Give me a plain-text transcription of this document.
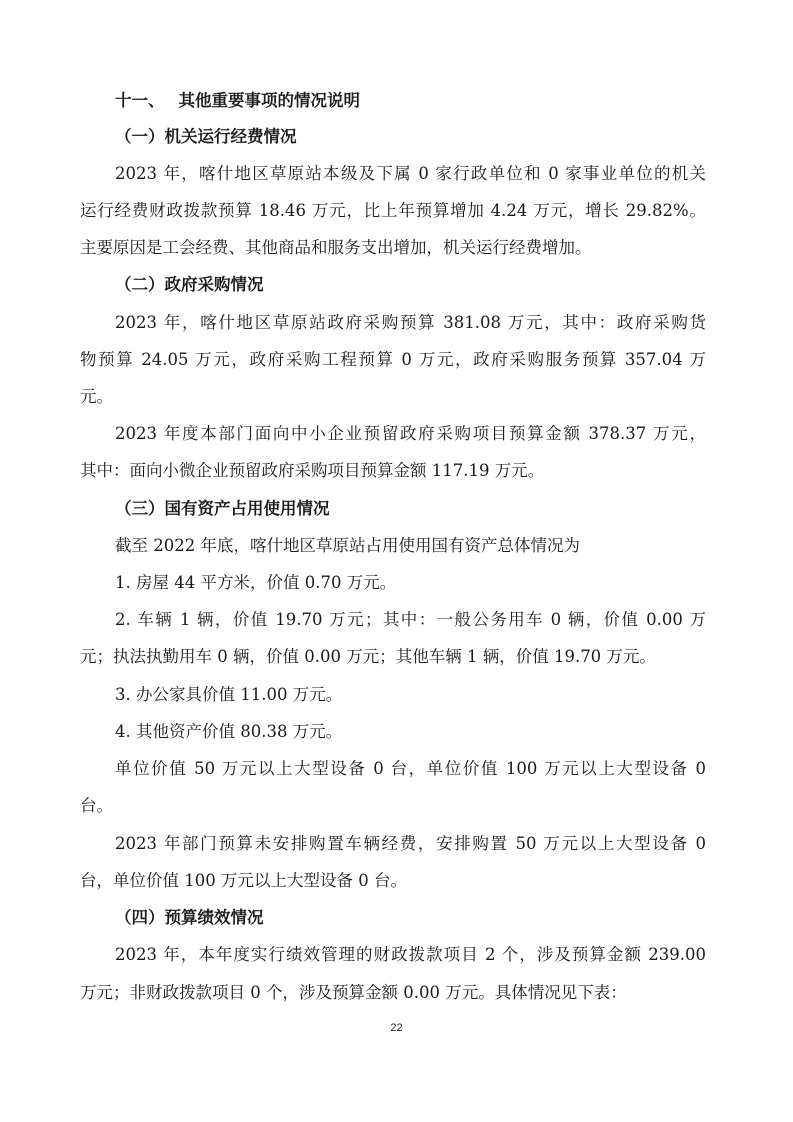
十一、　 其他重要事项的情况说明
（一）机关运行经费情况
2023 年，喀什地区草原站本级及下属 0 家行政单位和 0 家事业单位的机关
运行经费财政拨款预算 18.46 万元，比上年预算增加 4.24 万元，增长 29.82%。
主要原因是工会经费、其他商品和服务支出增加，机关运行经费增加。
（二）政府采购情况
2023 年，喀什地区草原站政府采购预算 381.08 万元，其中：政府采购货
物预算 24.05 万元，政府采购工程预算 0 万元，政府采购服务预算 357.04 万
元。
2023 年度本部门面向中小企业预留政府采购项目预算金额 378.37 万元，
其中：面向小微企业预留政府采购项目预算金额 117.19 万元。
（三）国有资产占用使用情况
截至 2022 年底，喀什地区草原站占用使用国有资产总体情况为
1. 房屋 44 平方米，价值 0.70 万元。
2. 车辆 1 辆，价值 19.70 万元；其中：一般公务用车 0 辆，价值 0.00 万
元；执法执勤用车 0 辆，价值 0.00 万元；其他车辆 1 辆，价值 19.70 万元。
3. 办公家具价值 11.00 万元。
4. 其他资产价值 80.38 万元。
单位价值 50 万元以上大型设备 0 台，单位价值 100 万元以上大型设备 0
台。
2023 年部门预算未安排购置车辆经费，安排购置 50 万元以上大型设备 0
台，单位价值 100 万元以上大型设备 0 台。
（四）预算绩效情况
2023 年，本年度实行绩效管理的财政拨款项目 2 个，涉及预算金额 239.00
万元；非财政拨款项目 0 个，涉及预算金额 0.00 万元。具体情况见下表：
22
